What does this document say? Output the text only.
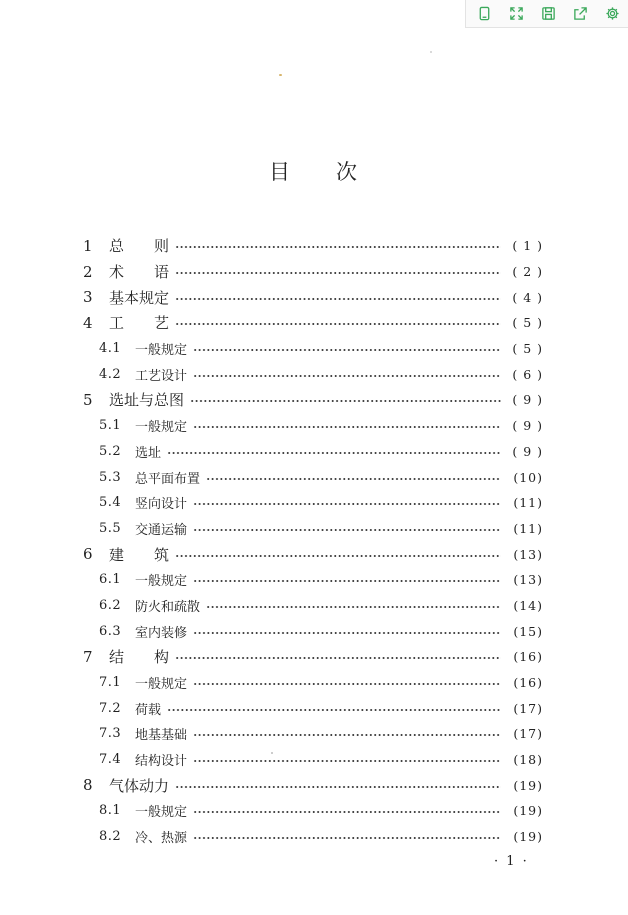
目 次
1	总　　则	( 1 )
2	术　　语	( 2 )
3	基本规定	( 4 )
4	工　　艺	( 5 )
4.1	一般规定	( 5 )
4.2	工艺设计	( 6 )
5	选址与总图	( 9 )
5.1	一般规定	( 9 )
5.2	选址	( 9 )
5.3	总平面布置	(10)
5.4	竖向设计	(11)
5.5	交通运输	(11)
6	建　　筑	(13)
6.1	一般规定	(13)
6.2	防火和疏散	(14)
6.3	室内装修	(15)
7	结　　构	(16)
7.1	一般规定	(16)
7.2	荷载	(17)
7.3	地基基础	(17)
7.4	结构设计	(18)
8	气体动力	(19)
8.1	一般规定	(19)
8.2	冷、热源	(19)
· 1 ·
